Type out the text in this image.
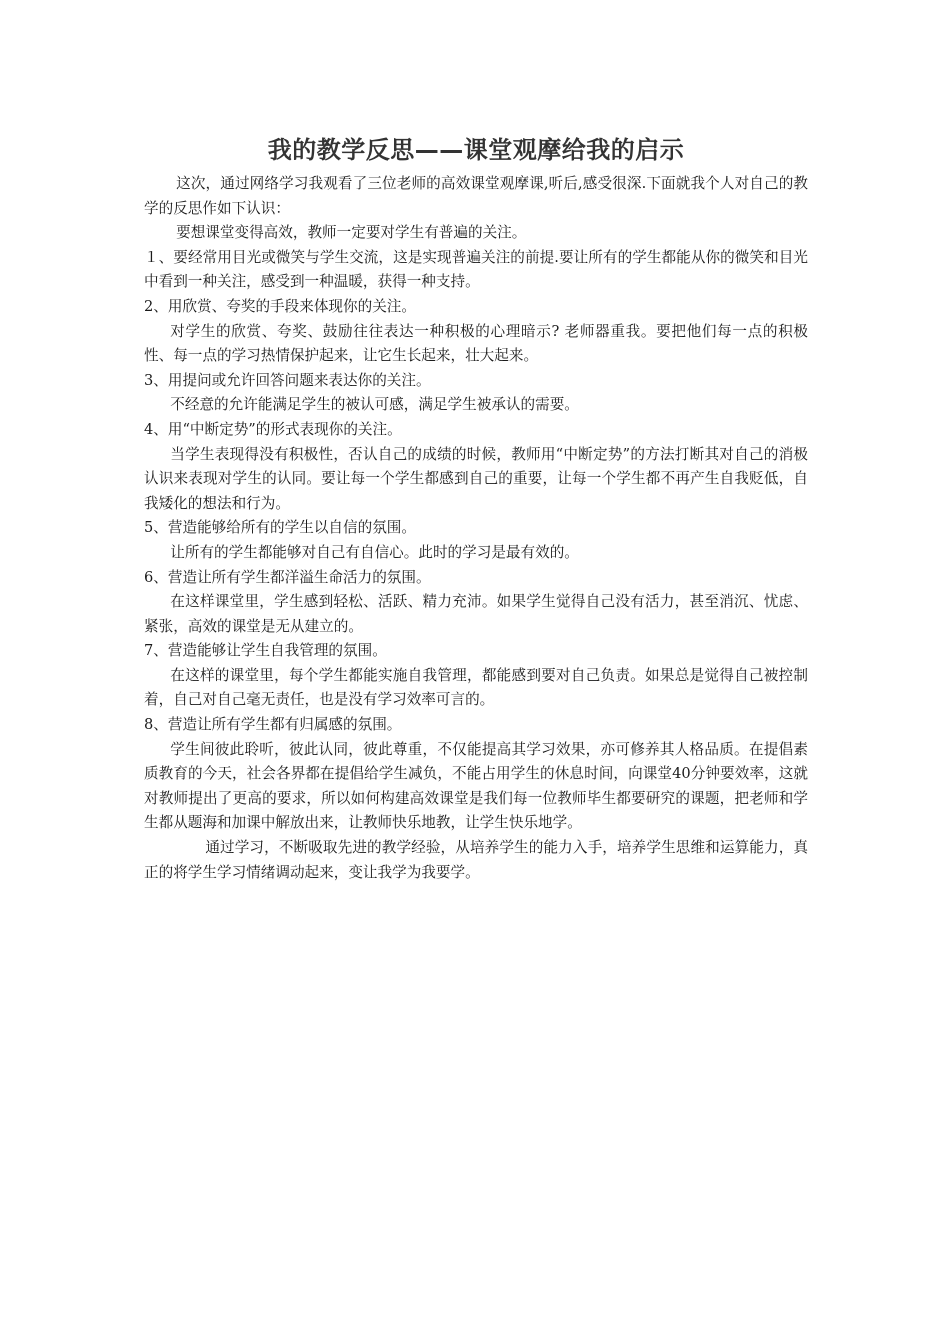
我的教学反思——课堂观摩给我的启示

这次，通过网络学习我观看了三位老师的高效课堂观摩课,听后,感受很深.下面就我个人对自己的教学的反思作如下认识：

要想课堂变得高效，教师一定要对学生有普遍的关注。

１、要经常用目光或微笑与学生交流，这是实现普遍关注的前提.要让所有的学生都能从你的微笑和目光中看到一种关注，感受到一种温暖，获得一种支持。

2、用欣赏、夸奖的手段来体现你的关注。

对学生的欣赏、夸奖、鼓励往往表达一种积极的心理暗示? 老师器重我。要把他们每一点的积极性、每一点的学习热情保护起来，让它生长起来，壮大起来。

3、用提问或允许回答问题来表达你的关注。

不经意的允许能满足学生的被认可感，满足学生被承认的需要。

4、用“中断定势”的形式表现你的关注。

当学生表现得没有积极性，否认自己的成绩的时候，教师用“中断定势”的方法打断其对自己的消极认识来表现对学生的认同。要让每一个学生都感到自己的重要，让每一个学生都不再产生自我贬低，自我矮化的想法和行为。

5、营造能够给所有的学生以自信的氛围。

让所有的学生都能够对自己有自信心。此时的学习是最有效的。

6、营造让所有学生都洋溢生命活力的氛围。

在这样课堂里，学生感到轻松、活跃、精力充沛。如果学生觉得自己没有活力，甚至消沉、忧虑、紧张，高效的课堂是无从建立的。

7、营造能够让学生自我管理的氛围。

在这样的课堂里，每个学生都能实施自我管理，都能感到要对自己负责。如果总是觉得自己被控制着，自己对自己毫无责任，也是没有学习效率可言的。

8、营造让所有学生都有归属感的氛围。

学生间彼此聆听，彼此认同，彼此尊重，不仅能提高其学习效果，亦可修养其人格品质。在提倡素质教育的今天，社会各界都在提倡给学生减负，不能占用学生的休息时间，向课堂40分钟要效率，这就对教师提出了更高的要求，所以如何构建高效课堂是我们每一位教师毕生都要研究的课题，把老师和学生都从题海和加课中解放出来，让教师快乐地教，让学生快乐地学。

通过学习，不断吸取先进的教学经验，从培养学生的能力入手，培养学生思维和运算能力，真正的将学生学习情绪调动起来，变让我学为我要学。
